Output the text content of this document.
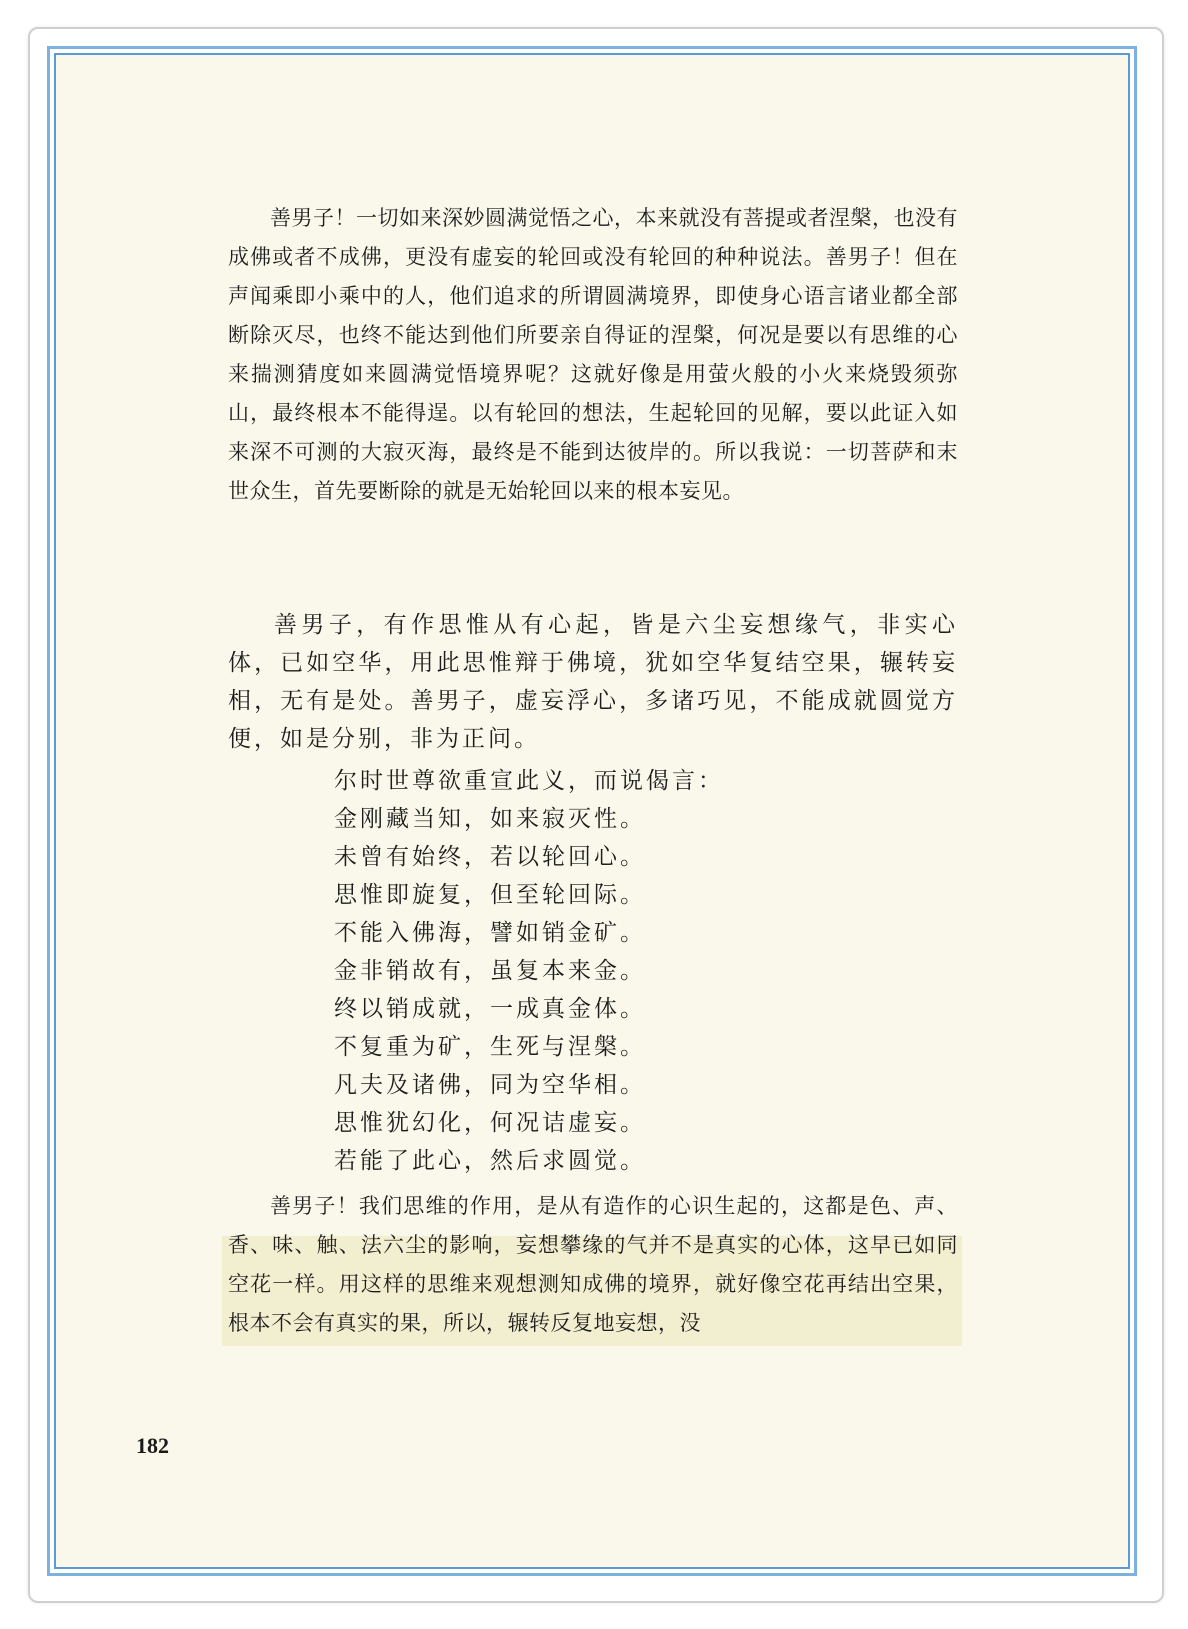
善男子！一切如来深妙圆满觉悟之心，本来就没有菩提或者涅槃，也没有成佛或者不成佛，更没有虚妄的轮回或没有轮回的种种说法。善男子！但在声闻乘即小乘中的人，他们追求的所谓圆满境界，即使身心语言诸业都全部断除灭尽，也终不能达到他们所要亲自得证的涅槃，何况是要以有思维的心来揣测猜度如来圆满觉悟境界呢？这就好像是用萤火般的小火来烧毁须弥山，最终根本不能得逞。以有轮回的想法，生起轮回的见解，要以此证入如来深不可测的大寂灭海，最终是不能到达彼岸的。所以我说：一切菩萨和末世众生，首先要断除的就是无始轮回以来的根本妄见。

善男子，有作思惟从有心起，皆是六尘妄想缘气，非实心体，已如空华，用此思惟辩于佛境，犹如空华复结空果，辗转妄相，无有是处。善男子，虚妄浮心，多诸巧见，不能成就圆觉方便，如是分别，非为正问。

尔时世尊欲重宣此义，而说偈言：
金刚藏当知，如来寂灭性。
未曾有始终，若以轮回心。
思惟即旋复，但至轮回际。
不能入佛海，譬如销金矿。
金非销故有，虽复本来金。
终以销成就，一成真金体。
不复重为矿，生死与涅槃。
凡夫及诸佛，同为空华相。
思惟犹幻化，何况诘虚妄。
若能了此心，然后求圆觉。

善男子！我们思维的作用，是从有造作的心识生起的，这都是色、声、香、味、触、法六尘的影响，妄想攀缘的气并不是真实的心体，这早已如同空花一样。用这样的思维来观想测知成佛的境界，就好像空花再结出空果，根本不会有真实的果，所以，辗转反复地妄想，没

182
